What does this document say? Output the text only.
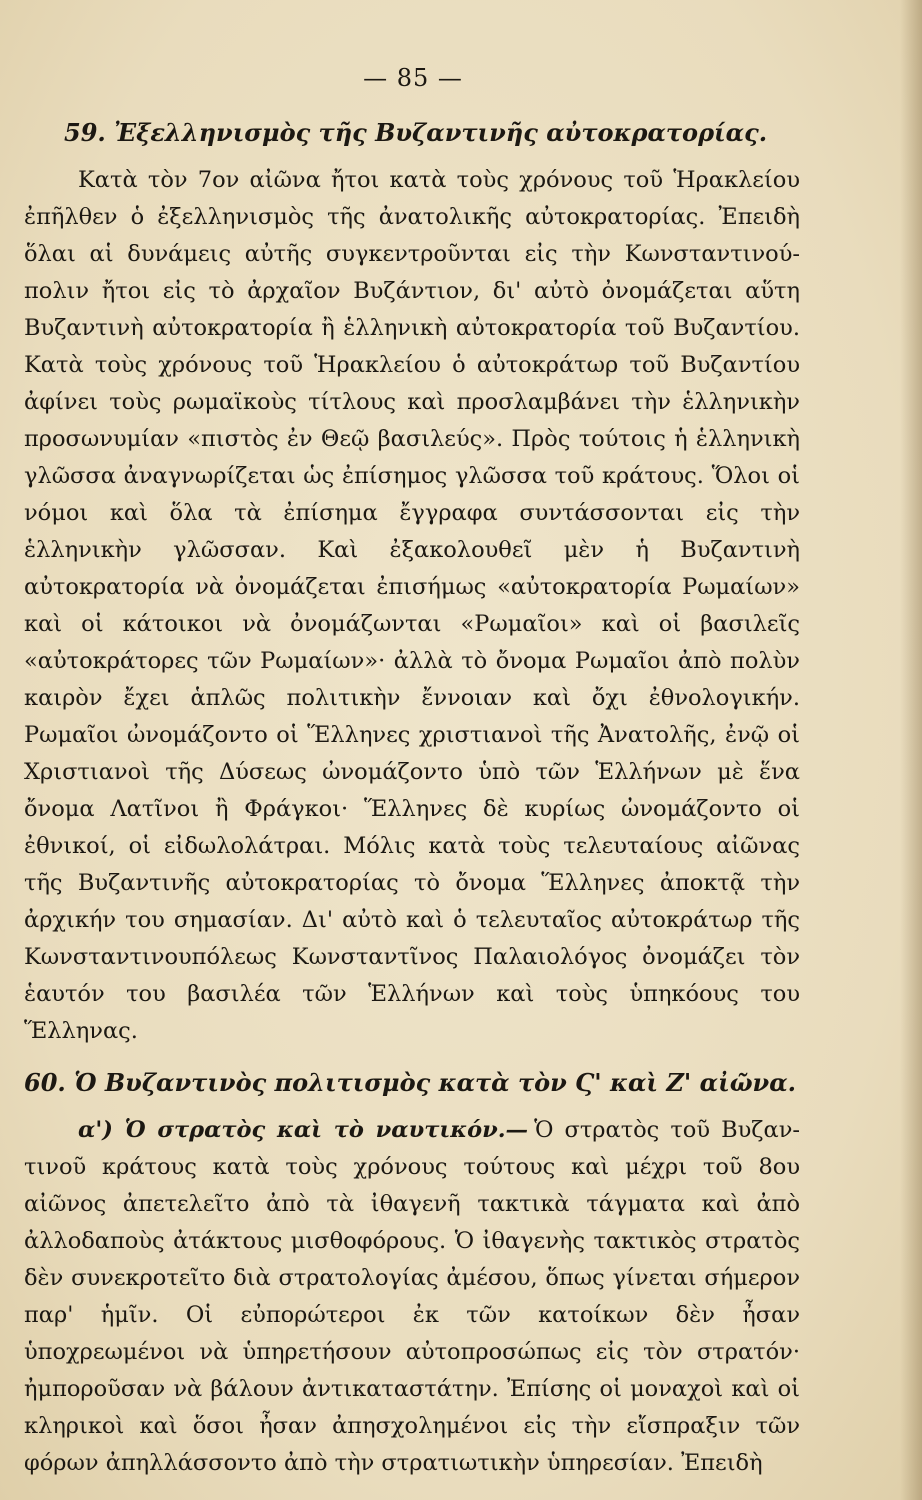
— 85 —
59. Ἐξελληνισμὸς τῆς Βυζαντινῆς αὐτοκρατορίας.

Κατὰ τὸν 7ον αἰῶνα ἤτοι κατὰ τοὺς χρόνους τοῦ Ἡρακλείου ἐπῆλθεν ὁ ἐξελληνισμὸς τῆς ἀνατολικῆς αὐτοκρατορίας. Ἐπειδὴ ὅλαι αἱ δυνάμεις αὐτῆς συγκεντροῦνται εἰς τὴν Κωνσταντινούπολιν ἤτοι εἰς τὸ ἀρχαῖον Βυζάντιον, δι' αὐτὸ ὀνομάζεται αὕτη Βυζαντινὴ αὐτοκρατορία ἢ ἑλληνικὴ αὐτοκρατορία τοῦ Βυζαντίου. Κατὰ τοὺς χρόνους τοῦ Ἡρακλείου ὁ αὐτοκράτωρ τοῦ Βυζαντίου ἀφίνει τοὺς ρωμαϊκοὺς τίτλους καὶ προσλαμβάνει τὴν ἑλληνικὴν προσωνυμίαν «πιστὸς ἐν Θεῷ βασιλεύς». Πρὸς τούτοις ἡ ἑλληνικὴ γλῶσσα ἀναγνωρίζεται ὡς ἐπίσημος γλῶσσα τοῦ κράτους. Ὅλοι οἱ νόμοι καὶ ὅλα τὰ ἐπίσημα ἔγγραφα συντάσσονται εἰς τὴν ἑλληνικὴν γλῶσσαν. Καὶ ἐξακολουθεῖ μὲν ἡ Βυζαντινὴ αὐτοκρατορία νὰ ὀνομάζεται ἐπισήμως «αὐτοκρατορία Ρωμαίων» καὶ οἱ κάτοικοι νὰ ὀνομάζωνται «Ρωμαῖοι» καὶ οἱ βασιλεῖς «αὐτοκράτορες τῶν Ρωμαίων»· ἀλλὰ τὸ ὄνομα Ρωμαῖοι ἀπὸ πολὺν καιρὸν ἔχει ἁπλῶς πολιτικὴν ἔννοιαν καὶ ὄχι ἐθνολογικήν. Ρωμαῖοι ὠνομάζοντο οἱ Ἕλληνες χριστιανοὶ τῆς Ἀνατολῆς, ἐνῷ οἱ Χριστιανοὶ τῆς Δύσεως ὠνομάζοντο ὑπὸ τῶν Ἑλλήνων μὲ ἕνα ὄνομα Λατῖνοι ἢ Φράγκοι· Ἕλληνες δὲ κυρίως ὠνομάζοντο οἱ ἐθνικοί, οἱ εἰδωλολάτραι. Μόλις κατὰ τοὺς τελευταίους αἰῶνας τῆς Βυζαντινῆς αὐτοκρατορίας τὸ ὄνομα Ἕλληνες ἀποκτᾷ τὴν ἀρχικήν του σημασίαν. Δι' αὐτὸ καὶ ὁ τελευταῖος αὐτοκράτωρ τῆς Κωνσταντινουπόλεως Κωνσταντῖνος Παλαιολόγος ὀνομάζει τὸν ἑαυτόν του βασιλέα τῶν Ἑλλήνων καὶ τοὺς ὑπηκόους του Ἕλληνας.

60. Ὁ Βυζαντινὸς πολιτισμὸς κατὰ τὸν Ϛ' καὶ Ζ' αἰῶνα.

α') Ὁ στρατὸς καὶ τὸ ναυτικόν.— Ὁ στρατὸς τοῦ Βυζαντινοῦ κράτους κατὰ τοὺς χρόνους τούτους καὶ μέχρι τοῦ 8ου αἰῶνος ἀπετελεῖτο ἀπὸ τὰ ἰθαγενῆ τακτικὰ τάγματα καὶ ἀπὸ ἀλλοδαποὺς ἀτάκτους μισθοφόρους. Ὁ ἰθαγενὴς τακτικὸς στρατὸς δὲν συνεκροτεῖτο διὰ στρατολογίας ἀμέσου, ὅπως γίνεται σήμερον παρ' ἡμῖν. Οἱ εὐπορώτεροι ἐκ τῶν κατοίκων δὲν ἦσαν ὑποχρεωμένοι νὰ ὑπηρετήσουν αὐτοπροσώπως εἰς τὸν στρατόν· ἠμποροῦσαν νὰ βάλουν ἀντικαταστάτην. Ἐπίσης οἱ μοναχοὶ καὶ οἱ κληρικοὶ καὶ ὅσοι ἦσαν ἀπησχολημένοι εἰς τὴν εἴσπραξιν τῶν φόρων ἀπηλλάσσοντο ἀπὸ τὴν στρατιωτικὴν ὑπηρεσίαν. Ἐπειδὴ
